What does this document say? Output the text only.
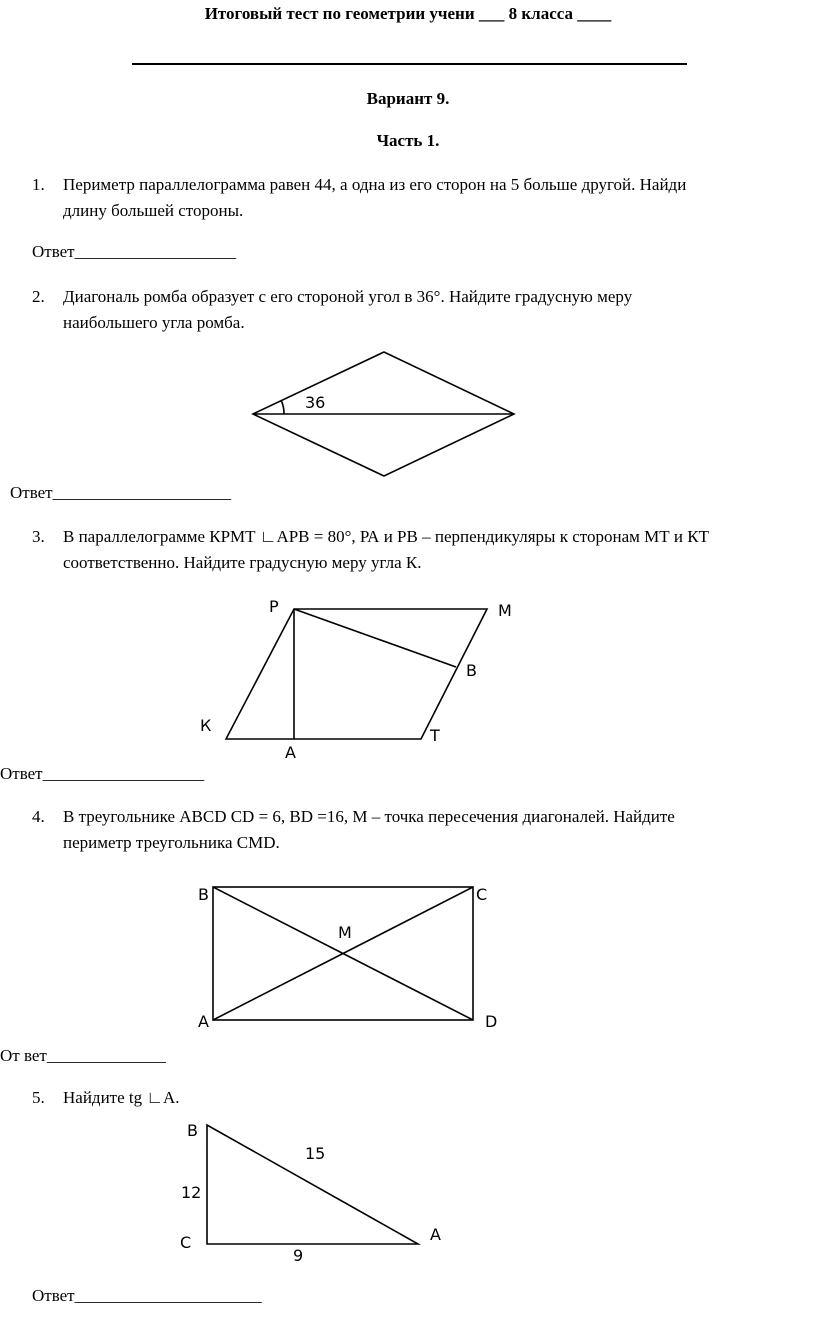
Итоговый тест по геометрии учени ___ 8 класса ____
Вариант 9.
Часть 1.
1. Периметр параллелограмма равен 44, а одна из его сторон на 5 больше другой. Найди
длину большей стороны.
Ответ___________________
2. Диагональ ромба образует с его стороной угол в 36°. Найдите градусную меру
наибольшего угла ромба.
Ответ_____________________
3. В параллелограмме КРМТ ∟АРВ = 80°, РА и РВ – перпендикуляры к сторонам МТ и КТ
соответственно. Найдите градусную меру угла К.
Ответ___________________
4. В треугольнике АВСD CD = 6, BD =16, М – точка пересечения диагоналей. Найдите
периметр треугольника CMD.
От вет______________
5. Найдите tg ∟A.
Ответ______________________
36
P	M
B
К
T
A
B	C
M
A	D
B
C	A
15
12
9
